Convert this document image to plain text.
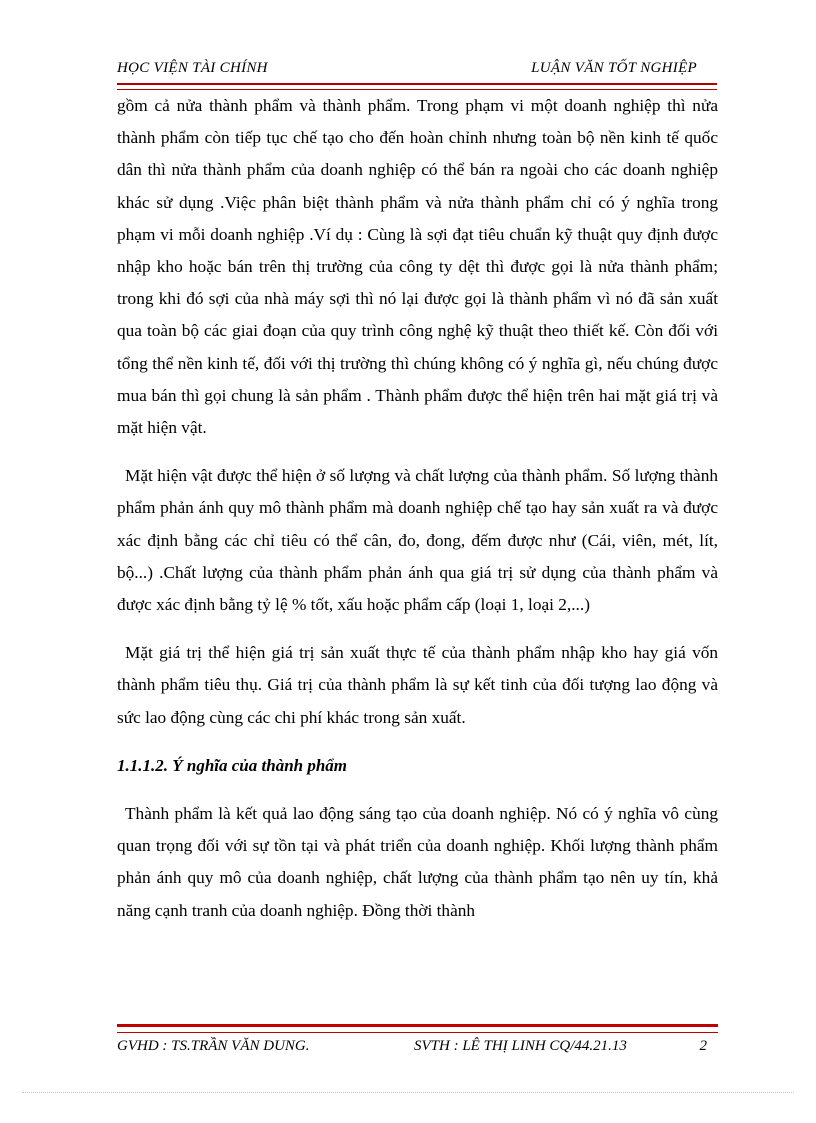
HỌC VIỆN TÀI CHÍNH	LUẬN VĂN TỐT NGHIỆP

gồm cả nửa thành phẩm và thành phẩm. Trong phạm vi một doanh nghiệp thì nửa thành phẩm còn tiếp tục chế tạo cho đến hoàn chỉnh nhưng toàn bộ nền kinh tế quốc dân thì nửa thành phẩm của doanh nghiệp có thể bán ra ngoài cho các doanh nghiệp khác sử dụng .Việc phân biệt thành phẩm và nửa thành phẩm chỉ có ý nghĩa trong phạm vi mỗi doanh nghiệp .Ví dụ : Cùng là sợi đạt tiêu chuẩn kỹ thuật quy định được nhập kho hoặc bán trên thị trường của công ty dệt thì được gọi là nửa thành phẩm; trong khi đó sợi của nhà máy sợi thì nó lại được gọi là thành phẩm vì nó đã sản xuất qua toàn bộ các giai đoạn của quy trình công nghệ kỹ thuật theo thiết kế. Còn đối với tổng thể nền kinh tế, đối với thị trường thì chúng không có ý nghĩa gì, nếu chúng được mua bán thì gọi chung là sản phẩm . Thành phẩm được thể hiện trên hai mặt giá trị và mặt hiện vật.

Mặt hiện vật được thể hiện ở số lượng và chất lượng của thành phẩm. Số lượng thành phẩm phản ánh quy mô thành phẩm mà doanh nghiệp chế tạo hay sản xuất ra và được xác định bằng các chỉ tiêu có thể cân, đo, đong, đếm được như (Cái, viên, mét, lít, bộ...) .Chất lượng của thành phẩm phản ánh qua giá trị sử dụng của thành phẩm và được xác định bằng tỷ lệ % tốt, xấu hoặc phẩm cấp (loại 1, loại 2,...)

Mặt giá trị thể hiện giá trị sản xuất thực tế của thành phẩm nhập kho hay giá vốn thành phẩm tiêu thụ. Giá trị của thành phẩm là sự kết tinh của đối tượng lao động và sức lao động cùng các chi phí khác trong sản xuất.

1.1.1.2. Ý nghĩa của thành phẩm

Thành phẩm là kết quả lao động sáng tạo của doanh nghiệp. Nó có ý nghĩa vô cùng quan trọng đối với sự tồn tại và phát triển của doanh nghiệp. Khối lượng thành phẩm phản ánh quy mô của doanh nghiệp, chất lượng của thành phẩm tạo nên uy tín, khả năng cạnh tranh của doanh nghiệp. Đồng thời thành

GVHD : TS.TRẦN VĂN DUNG.	SVTH : LÊ THỊ LINH CQ/44.21.13	2
